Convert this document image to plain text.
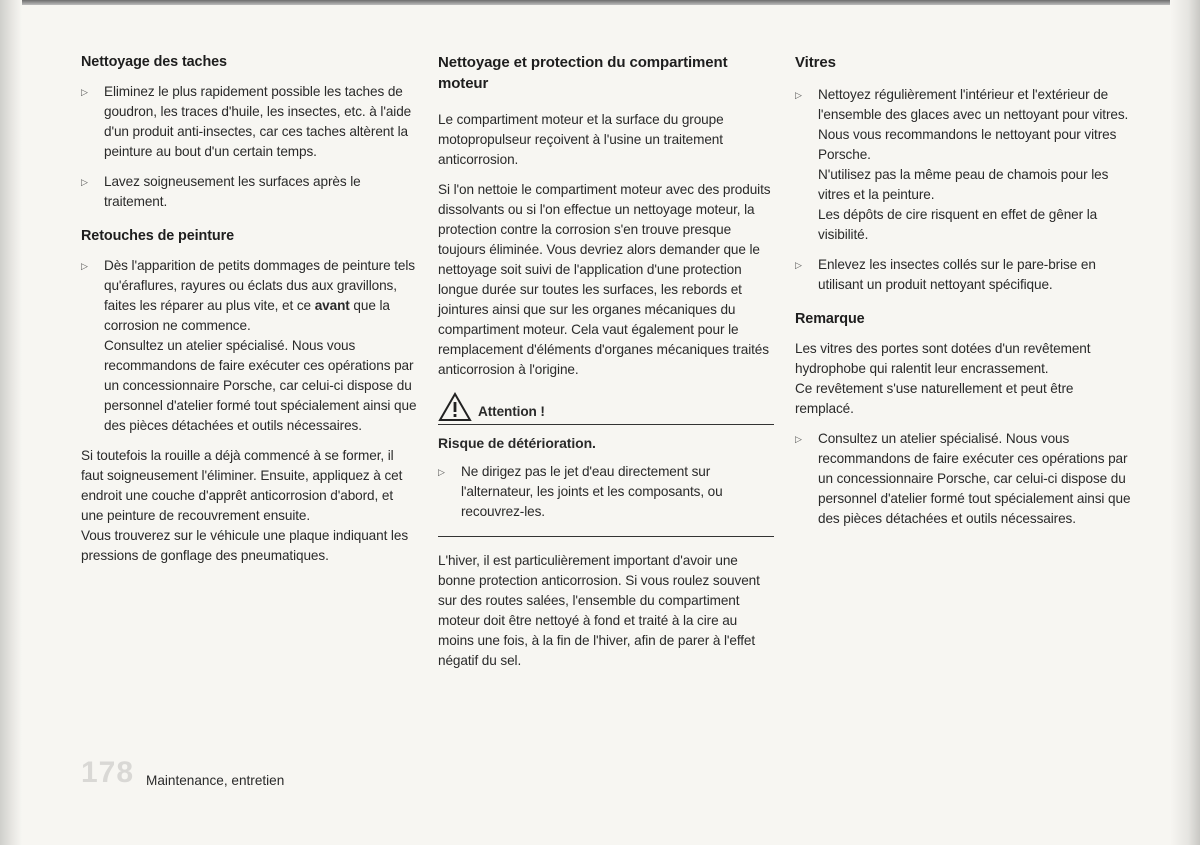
Nettoyage des taches
▷ Eliminez le plus rapidement possible les taches de goudron, les traces d'huile, les insectes, etc. à l'aide d'un produit anti-insectes, car ces taches altèrent la peinture au bout d'un certain temps.
▷ Lavez soigneusement les surfaces après le traitement.
Retouches de peinture
▷ Dès l'apparition de petits dommages de peinture tels qu'éraflures, rayures ou éclats dus aux gravillons, faites les réparer au plus vite, et ce avant que la corrosion ne commence.
Consultez un atelier spécialisé. Nous vous recommandons de faire exécuter ces opérations par un concessionnaire Porsche, car celui-ci dispose du personnel d'atelier formé tout spécialement ainsi que des pièces détachées et outils nécessaires.

Si toutefois la rouille a déjà commencé à se former, il faut soigneusement l'éliminer. Ensuite, appliquez à cet endroit une couche d'apprêt anticorrosion d'abord, et une peinture de recouvrement ensuite.

Vous trouverez sur le véhicule une plaque indiquant les pressions de gonflage des pneumatiques.

Nettoyage et protection du compartiment moteur

Le compartiment moteur et la surface du groupe motopropulseur reçoivent à l'usine un traitement anticorrosion.

Si l'on nettoie le compartiment moteur avec des produits dissolvants ou si l'on effectue un nettoyage moteur, la protection contre la corrosion s'en trouve presque toujours éliminée. Vous devriez alors demander que le nettoyage soit suivi de l'application d'une protection longue durée sur toutes les surfaces, les rebords et jointures ainsi que sur les organes mécaniques du compartiment moteur. Cela vaut également pour le remplacement d'éléments d'organes mécaniques traités anticorrosion à l'origine.

Attention !
Risque de détérioration.
▷ Ne dirigez pas le jet d'eau directement sur l'alternateur, les joints et les composants, ou recouvrez-les.

L'hiver, il est particulièrement important d'avoir une bonne protection anticorrosion. Si vous roulez souvent sur des routes salées, l'ensemble du compartiment moteur doit être nettoyé à fond et traité à la cire au moins une fois, à la fin de l'hiver, afin de parer à l'effet négatif du sel.

Vitres
▷ Nettoyez régulièrement l'intérieur et l'extérieur de l'ensemble des glaces avec un nettoyant pour vitres.
Nous vous recommandons le nettoyant pour vitres Porsche.
N'utilisez pas la même peau de chamois pour les vitres et la peinture.
Les dépôts de cire risquent en effet de gêner la visibilité.
▷ Enlevez les insectes collés sur le pare-brise en utilisant un produit nettoyant spécifique.
Remarque

Les vitres des portes sont dotées d'un revêtement hydrophobe qui ralentit leur encrassement.

Ce revêtement s'use naturellement et peut être remplacé.

▷ Consultez un atelier spécialisé. Nous vous recommandons de faire exécuter ces opérations par un concessionnaire Porsche, car celui-ci dispose du personnel d'atelier formé tout spécialement ainsi que des pièces détachées et outils nécessaires.
178 Maintenance, entretien
